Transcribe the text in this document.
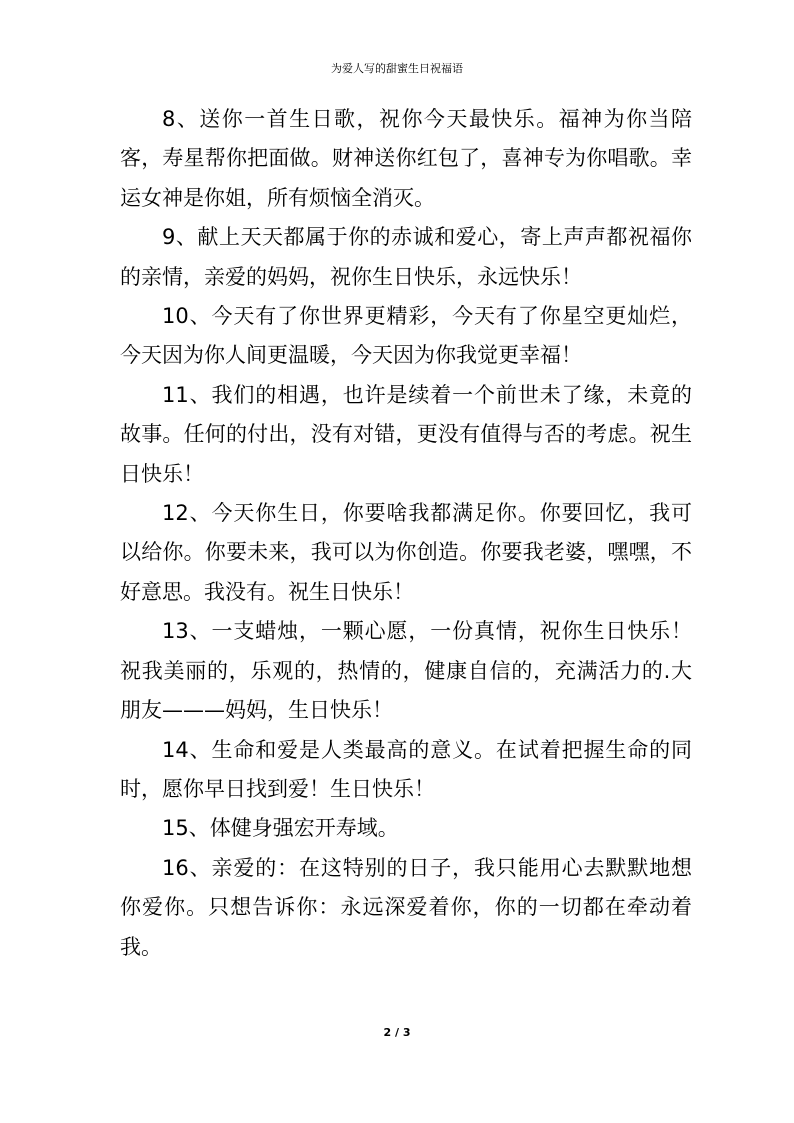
为爱人写的甜蜜生日祝福语

8、送你一首生日歌，祝你今天最快乐。福神为你当陪客，寿星帮你把面做。财神送你红包了，喜神专为你唱歌。幸运女神是你姐，所有烦恼全消灭。

9、献上天天都属于你的赤诚和爱心，寄上声声都祝福你的亲情，亲爱的妈妈，祝你生日快乐，永远快乐！

10、今天有了你世界更精彩，今天有了你星空更灿烂，今天因为你人间更温暖，今天因为你我觉更幸福！

11、我们的相遇，也许是续着一个前世未了缘，未竟的故事。任何的付出，没有对错，更没有值得与否的考虑。祝生日快乐！

12、今天你生日，你要啥我都满足你。你要回忆，我可以给你。你要未来，我可以为你创造。你要我老婆，嘿嘿，不好意思。我没有。祝生日快乐！

13、一支蜡烛，一颗心愿，一份真情，祝你生日快乐！祝我美丽的，乐观的，热情的，健康自信的，充满活力的.大朋友———妈妈，生日快乐！

14、生命和爱是人类最高的意义。在试着把握生命的同时，愿你早日找到爱！生日快乐！

15、体健身强宏开寿域。

16、亲爱的：在这特别的日子，我只能用心去默默地想你爱你。只想告诉你：永远深爱着你，你的一切都在牵动着我。

2 / 3
